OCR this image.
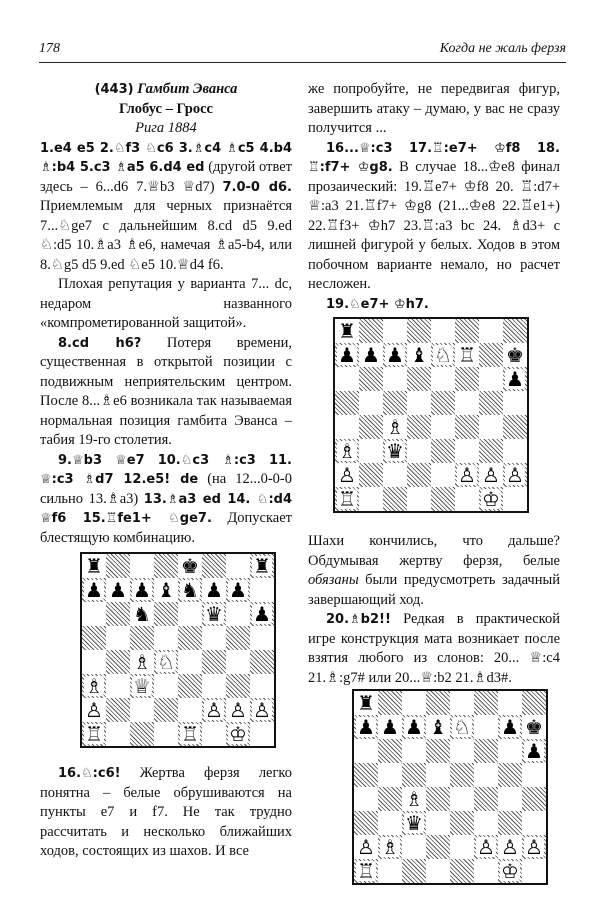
178	Когда не жаль ферзя

(443) Гамбит Эванса

Глобус – Гросс

Рига 1884

1.e4 e5 2.♘f3 ♘c6 3.♗c4 ♗c5 4.b4 ♗:b4 5.c3 ♗a5 6.d4 ed (другой ответ здесь – 6...d6 7.♕b3 ♕d7) 7.0-0 d6. Приемлемым для черных признаётся 7...♘ge7 с дальнейшим 8.cd d5 9.ed ♘:d5 10.♗a3 ♗e6, намечая ♗a5-b4, или 8.♘g5 d5 9.ed ♘e5 10.♕d4 f6.

Плохая репутация у варианта 7... dc, недаром названного «компрометированной защитой».

8.cd h6? Потеря времени, существенная в открытой позиции с подвижным неприятельским центром. После 8...♗e6 возникала так называемая нормальная позиция гамбита Эванса – табия 19-го столетия.

9.♕b3 ♕e7 10.♘c3 ♗:c3 11. ♕:c3 ♗d7 12.e5! de (на 12...0-0-0 сильно 13.♗a3) 13.♗a3 ed 14. ♘:d4 ♕f6 15.♖fe1+ ♘ge7. Допускает блестящую комбинацию.

16.♘:c6! Жертва ферзя легко понятна – белые обрушиваются на пункты e7 и f7. Не так трудно рассчитать и несколько ближайших ходов, состоящих из шахов. И все

же попробуйте, не передвигая фигур, завершить атаку – думаю, у вас не сразу получится ...

16...♕:c3 17.♖:e7+ ♔f8 18. ♖:f7+ ♔g8. В случае 18...♔e8 финал прозаический: 19.♖e7+ ♔f8 20. ♖:d7+ ♕:a3 21.♖f7+ ♔g8 (21...♔e8 22.♖e1+) 22.♖f3+ ♔h7 23.♖:a3 bc 24. ♗d3+ с лишней фигурой у белых. Ходов в этом побочном варианте немало, но расчет несложен.

19.♘e7+ ♔h7.

Шахи кончились, что дальше? Обдумывая жертву ферзя, белые обязаны были предусмотреть задачный завершающий ход.

20.♗b2!! Редкая в практической игре конструкция мата возникает после взятия любого из слонов: 20... ♕:c4 21.♗:g7# или 20...♕:b2 21.♗d3#.

♜	♚	♜
♟ ♟ ♟ ♝ ♞ ♟ ♟
♞	♛ ♟
♗ ♘
♗ ♕
♙	♙ ♙ ♙
♖	♖ ♔
♜
♟ ♟ ♟ ♝ ♘ ♖ ♚
♟
♗
♗ ♛
♙	♙ ♙ ♙
♖	♔
♜
♟ ♟ ♟ ♝ ♘ ♟ ♚
♟
♗
♛
♙ ♗	♙ ♙ ♙
♖	♔
